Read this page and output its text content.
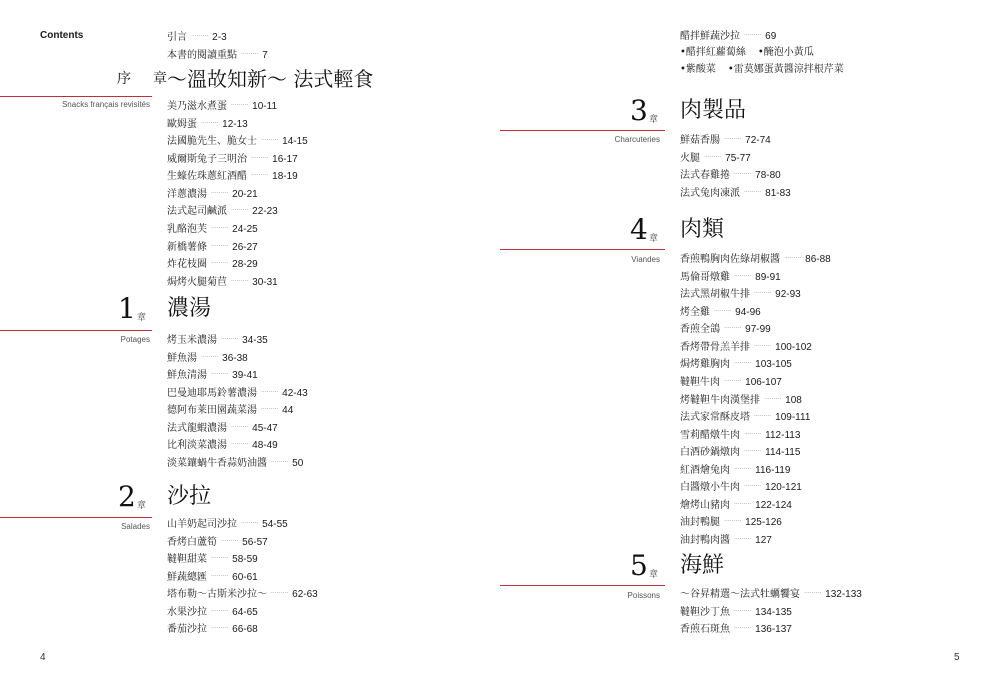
Contents	引言 ········· 2-3
本書的閱讀重點 ········· 7
序　章
～溫故知新～ 法式輕食
Snacks français revisités 美乃滋水煮蛋 ········· 10-11
歐姆蛋 ········· 12-13
法國脆先生、脆女士 ········· 14-15
威爾斯兔子三明治 ········· 16-17
生蠔佐珠蔥紅酒醋 ········· 18-19
洋蔥濃湯 ········· 20-21
法式起司鹹派 ········· 22-23
乳酪泡芙 ········· 24-25
新橋薯條 ········· 26-27
炸花枝圈 ········· 28-29
焗烤火腿菊苣 ········· 30-31
1 章 濃湯
Potages 烤玉米濃湯 ········· 34-35
鮮魚湯 ········· 36-38
鮮魚清湯 ········· 39-41
巴曼迪耶馬鈴薯濃湯 ········· 42-43
德阿布莱田園蔬菜湯 ········· 44
法式龍蝦濃湯 ········· 45-47
比利淡菜濃湯 ········· 48-49
淡菜鑲蝸牛香蒜奶油醬 ········· 50
2 章 沙拉
Salades 山羊奶起司沙拉 ········· 54-55
香烤白蘆筍 ········· 56-57
韃靼甜菜 ········· 58-59
鮮蔬總匯 ········· 60-61
塔布勒～古斯米沙拉～ ········· 62-63
水果沙拉 ········· 64-65
番茄沙拉 ········· 66-68
4
醋拌鮮蔬沙拉 ········· 69
•醋拌紅蘿蔔絲 •醃泡小黃瓜
•紫酸菜 •雷莫娜蛋黃醬涼拌根芹菜
3 章 肉製品
Charcuteries 鮮菇香腸 ········· 72-74
火腿 ········· 75-77
法式春雞捲 ········· 78-80
法式兔肉凍派 ········· 81-83
4 章 肉類
Viandes 香煎鴨胸肉佐綠胡椒醬 ········· 86-88
馬倫哥燉雞 ········· 89-91
法式黑胡椒牛排 ········· 92-93
烤全雞 ········· 94-96
香煎全鴿 ········· 97-99
香烤帶骨羔羊排 ········· 100-102
焗烤雞胸肉 ········· 103-105
韃靼牛肉 ········· 106-107
烤韃靼牛肉漢堡排 ········· 108
法式家常酥皮塔 ········· 109-111
雪莉醋燉牛肉 ········· 112-113
白酒砂鍋燉肉 ········· 114-115
紅酒燴兔肉 ········· 116-119
白醬燉小牛肉 ········· 120-121
燴烤山豬肉 ········· 122-124
油封鴨腿 ········· 125-126
油封鴨肉醬 ········· 127
5 章 海鮮
Poissons ～谷昇精選～法式牡蠣饗宴 ········· 132-133
韃靼沙丁魚 ········· 134-135
香煎石斑魚 ········· 136-137
5
